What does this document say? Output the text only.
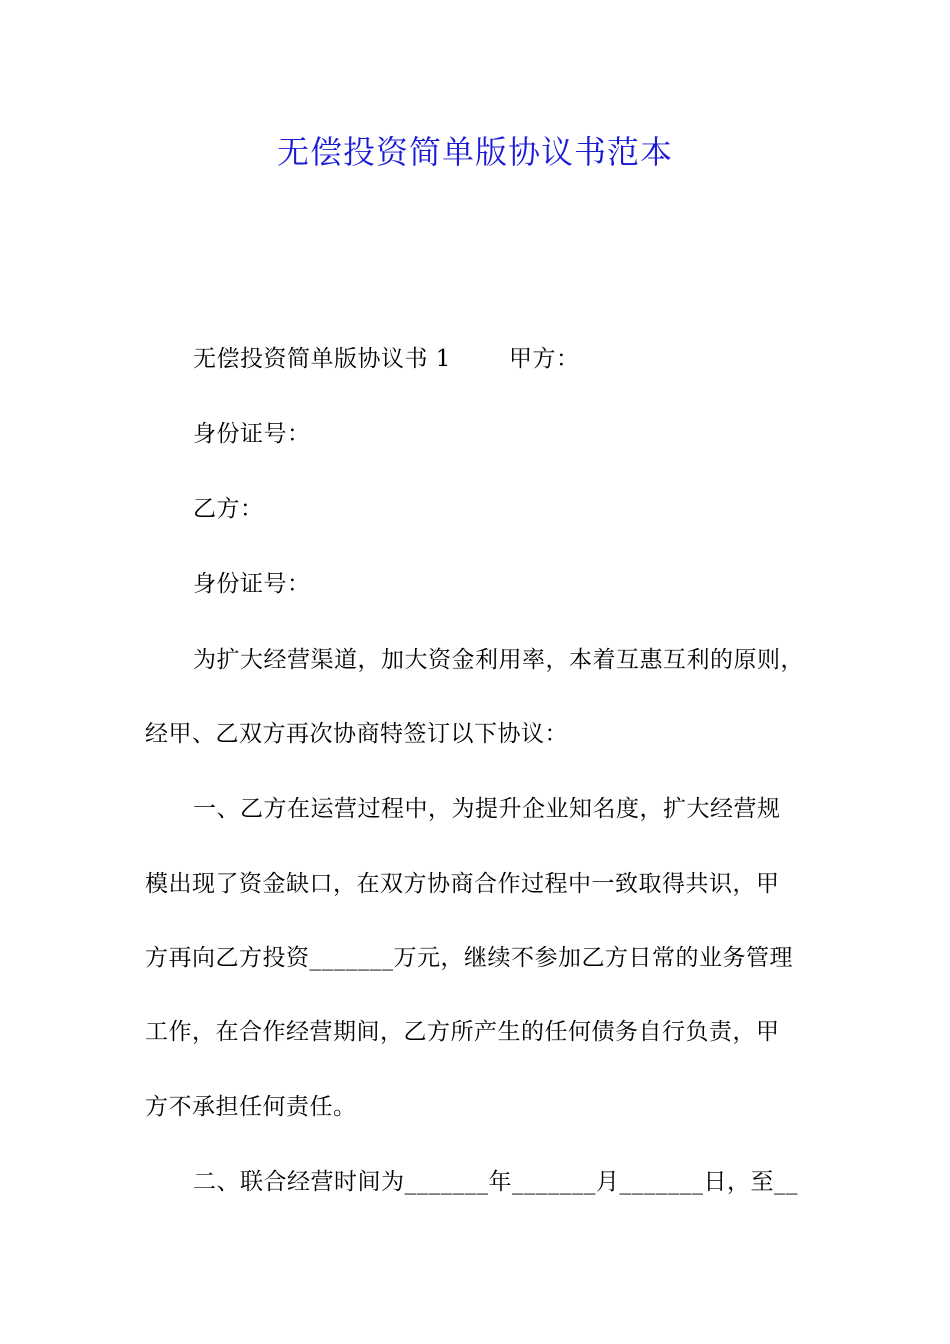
无偿投资简单版协议书范本
无偿投资简单版协议书 1	甲方：
身份证号：
乙方：
身份证号：
为扩大经营渠道，加大资金利用率，本着互惠互利的原则，
经甲、乙双方再次协商特签订以下协议：
一、乙方在运营过程中，为提升企业知名度，扩大经营规
模出现了资金缺口，在双方协商合作过程中一致取得共识，甲
方再向乙方投资_______万元，继续不参加乙方日常的业务管理
工作，在合作经营期间，乙方所产生的任何债务自行负责，甲
方不承担任何责任。
二、联合经营时间为_______年_______月_______日，至__
